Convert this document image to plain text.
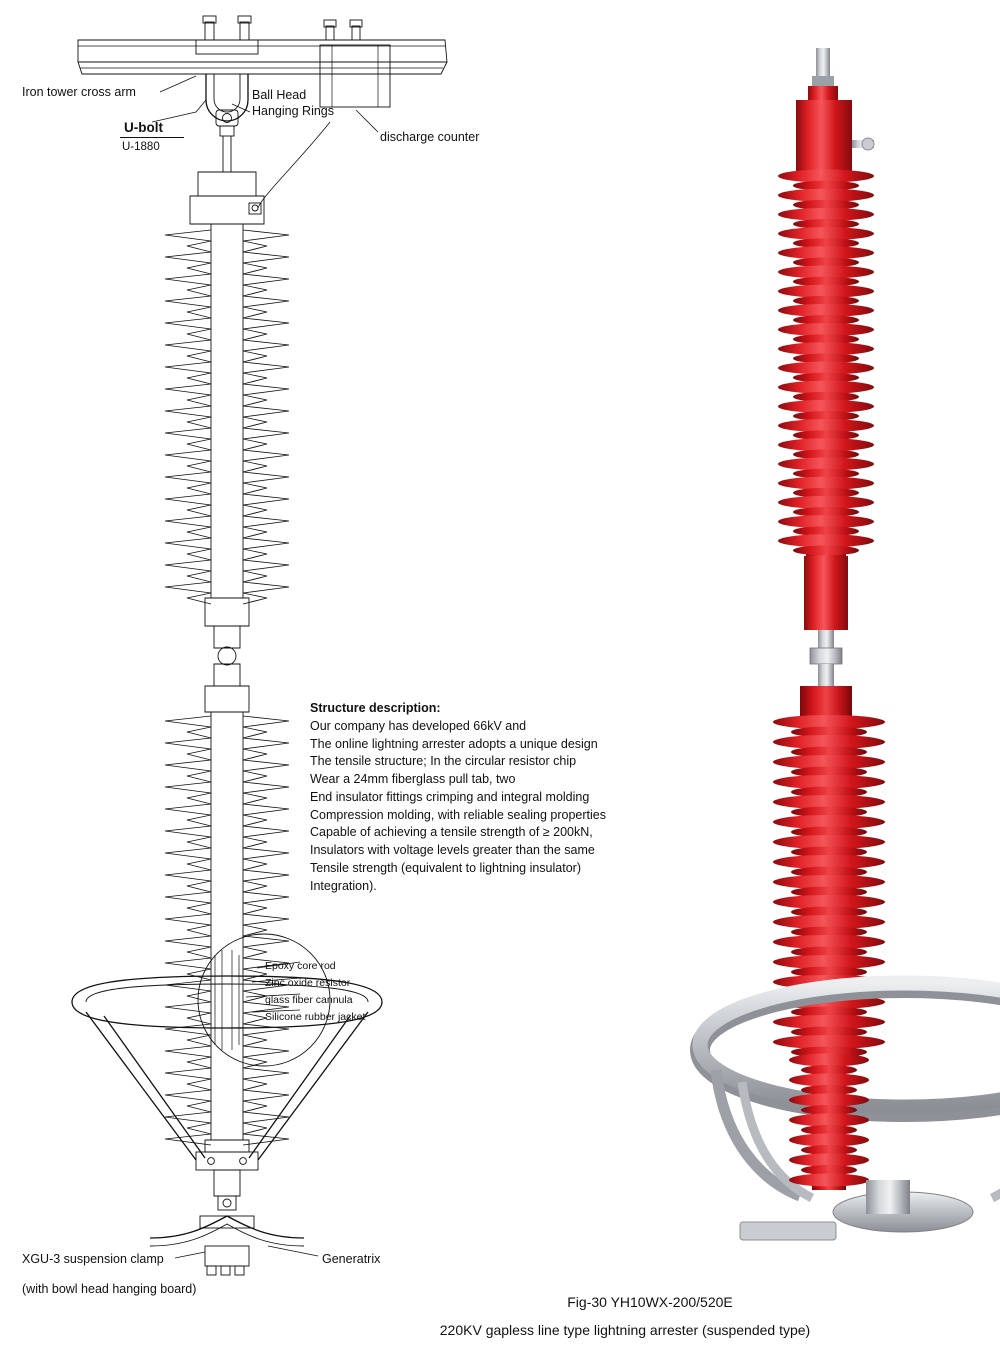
Iron tower cross arm
U-bolt
U-1880
Ball Head
Hanging Rings
discharge counter
Structure description:
Our company has developed 66kV and
The online lightning arrester adopts a unique design
The tensile structure; In the circular resistor chip
Wear a 24mm fiberglass pull tab, two
End insulator fittings crimping and integral molding
Compression molding, with reliable sealing properties
Capable of achieving a tensile strength of ≥ 200kN,
Insulators with voltage levels greater than the same
Tensile strength (equivalent to lightning insulator)
Integration).
Epoxy core rod
Zinc oxide resistor
glass fiber cannula
Silicone rubber jacket
XGU-3 suspension clamp
(with bowl head hanging board)
Generatrix
Fig-30 YH10WX-200/520E
220KV gapless line type lightning arrester (suspended type)
